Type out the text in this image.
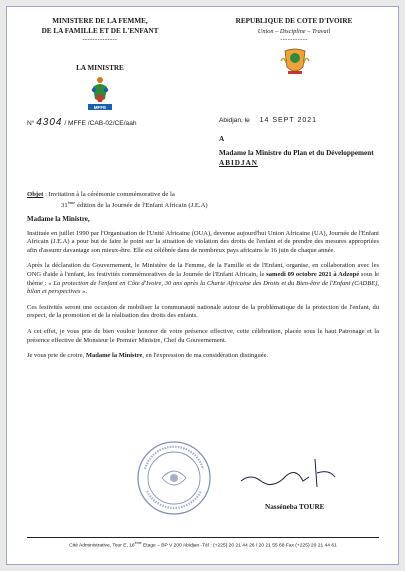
MINISTERE DE LA FEMME,
DE LA FAMILLE ET DE L'ENFANT
--------------
LA MINISTRE
MFFE
REPUBLIQUE DE COTE D'IVOIRE
Union – Discipline – Travail
-----------
N° 4304 / MFFE /CAB-02/CE/aah	Abidjan, le 14 SEPT 2021
A
Madame la Ministre du Plan et du Développement
ABIDJAN
Objet : Invitation à la cérémonie commémorative de la
31ème édition de la Journée de l'Enfant Africain (J.E.A)

Madame la Ministre,

Instituée en juillet 1990 par l'Organisation de l'Unité Africaine (OUA), devenue aujourd'hui Union Africaine (UA), Journée de l'Enfant Africain (J.E.A) a pour but de faire le point sur la situation de violation des droits de l'enfant et de prendre des mesures appropriées afin d'assurer davantage son mieux-être. Elle est célébrée dans de nombreux pays africains le 16 juin de chaque année.

Après la déclaration du Gouvernement, le Ministère de la Femme, de la Famille et de l'Enfant, organise, en collaboration avec les ONG d'aide à l'enfant, les festivités commémoratives de la Journée de l'Enfant Africain, le samedi 09 octobre 2021 à Adzopé sous le thème : « La protection de l'enfant en Côte d'Ivoire, 30 ans après la Charte Africaine des Droits et du Bien-être de l'Enfant (CADBE), bilan et perspectives ».

Ces festivités seront une occasion de mobiliser la communauté nationale autour de la problématique de la protection de l'enfant, du respect, de la promotion et de la réalisation des droits des enfants.

A cet effet, je vous prie de bien vouloir honorer de votre présence effective, cette célébration, placée sous le haut Patronage et la présence effective de Monsieur le Premier Ministre, Chef du Gouvernement.

Je vous prie de croire, Madame la Ministre, en l'expression de ma considération distinguée.

Nasséneba TOURE
Cité Administrative, Tour E, 16ème Etage – BP V 200 Abidjan -Tél : (+225) 20 21 44 26 / 20 21 55 68 Fax (+225) 20 21 44 61
